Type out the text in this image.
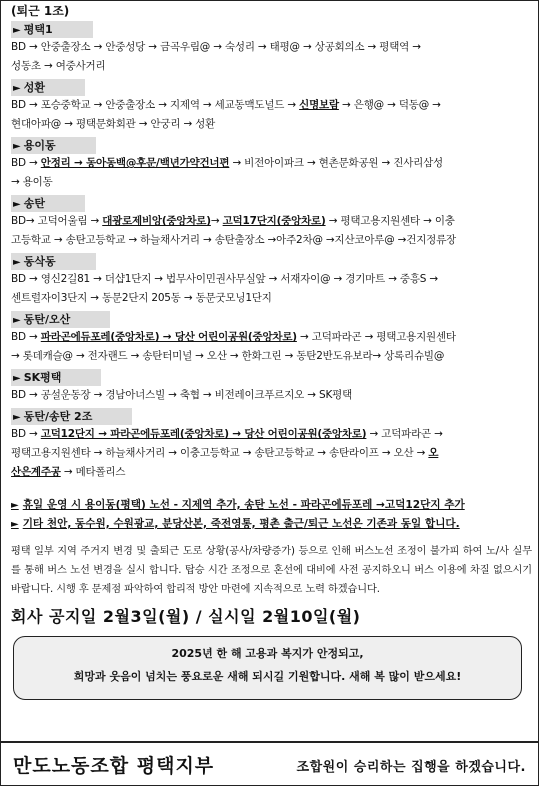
(퇴근 1조)
► 평택1
BD → 안중출장소 → 안중성당 → 금곡우림@ → 숙성리 → 태평@ → 상공회의소 → 평택역 →
성동초 → 여중사거리
► 성환
BD → 포승중학교 → 안중출장소 → 지제역 → 세교동맥도널드 → 신명보람 → 은행@ → 덕동@ →
현대아파@ → 평택문화회관 → 안궁리 → 성환
► 용이동
BD → 안정리 → 동아동백@후문/백년가약건너편 → 비전아이파크 → 현촌문화공원 → 진사리삼성
→ 용이동
► 송탄
BD→ 고덕어울림 → 대광로제비앙(중앙차로)→ 고덕17단지(중앙차로) → 평택고용지원센타 → 이충
고등학교 → 송탄고등학교 → 하늘채사거리 → 송탄출장소 →아주2차@ →지산코아루@ →건지정류장
► 동삭동
BD → 영신2길81 → 더샵1단지 → 법무사이민권사무실앞 → 서재자이@ → 경기마트 → 중흥S →
센트럴자이3단지 → 동문2단지 205동 → 동문굿모닝1단지
► 동탄/오산
BD → 파라곤에듀포레(중앙차로) → 당산 어린이공원(중앙차로) → 고덕파라곤 → 평택고용지원센타
→ 롯데캐슬@ → 전자랜드 → 송탄터미널 → 오산 → 한화그린 → 동탄2반도유보라→ 상록리슈빌@
► SK평택
BD → 공설운동장 → 경남아너스빌 → 축협 → 비전레이크푸르지오 → SK평택
► 동탄/송탄 2조
BD → 고덕12단지 → 파라곤에듀포레(중앙차로) → 당산 어린이공원(중앙차로) → 고덕파라곤 →
평택고용지원센타 → 하늘채사거리 → 이충고등학교 → 송탄고등학교 → 송탄라이프 → 오산 → 오
산은계주공 → 메타폴리스
► 휴일 운영 시 용이동(평택) 노선 - 지제역 추가, 송탄 노선 - 파라곤에듀포레 →고덕12단지 추가
► 기타 천안, 동수원, 수원광교, 분당산본, 죽전영통, 평촌 출근/퇴근 노선은 기존과 동일 합니다.
평택 일부 지역 주거지 변경 및 출퇴근 도로 상황(공사/차량증가) 등으로 인해 버스노선 조정이 불가피 하여 노/사 실무를 통해 버스 노선 변경을 실시 합니다. 탑승 시간 조정으로 혼선에 대비에 사전 공지하오니 버스 이용에 차질 없으시기 바랍니다. 시행 후 문제점 파악하여 합리적 방안 마련에 지속적으로 노력 하겠습니다.
회사 공지일 2월3일(월) / 실시일 2월10일(월)
2025년 한 해 고용과 복지가 안정되고,
희망과 웃음이 넘치는 풍요로운 새해 되시길 기원합니다. 새해 복 많이 받으세요!
만도노동조합 평택지부	조합원이 승리하는 집행을 하겠습니다.
